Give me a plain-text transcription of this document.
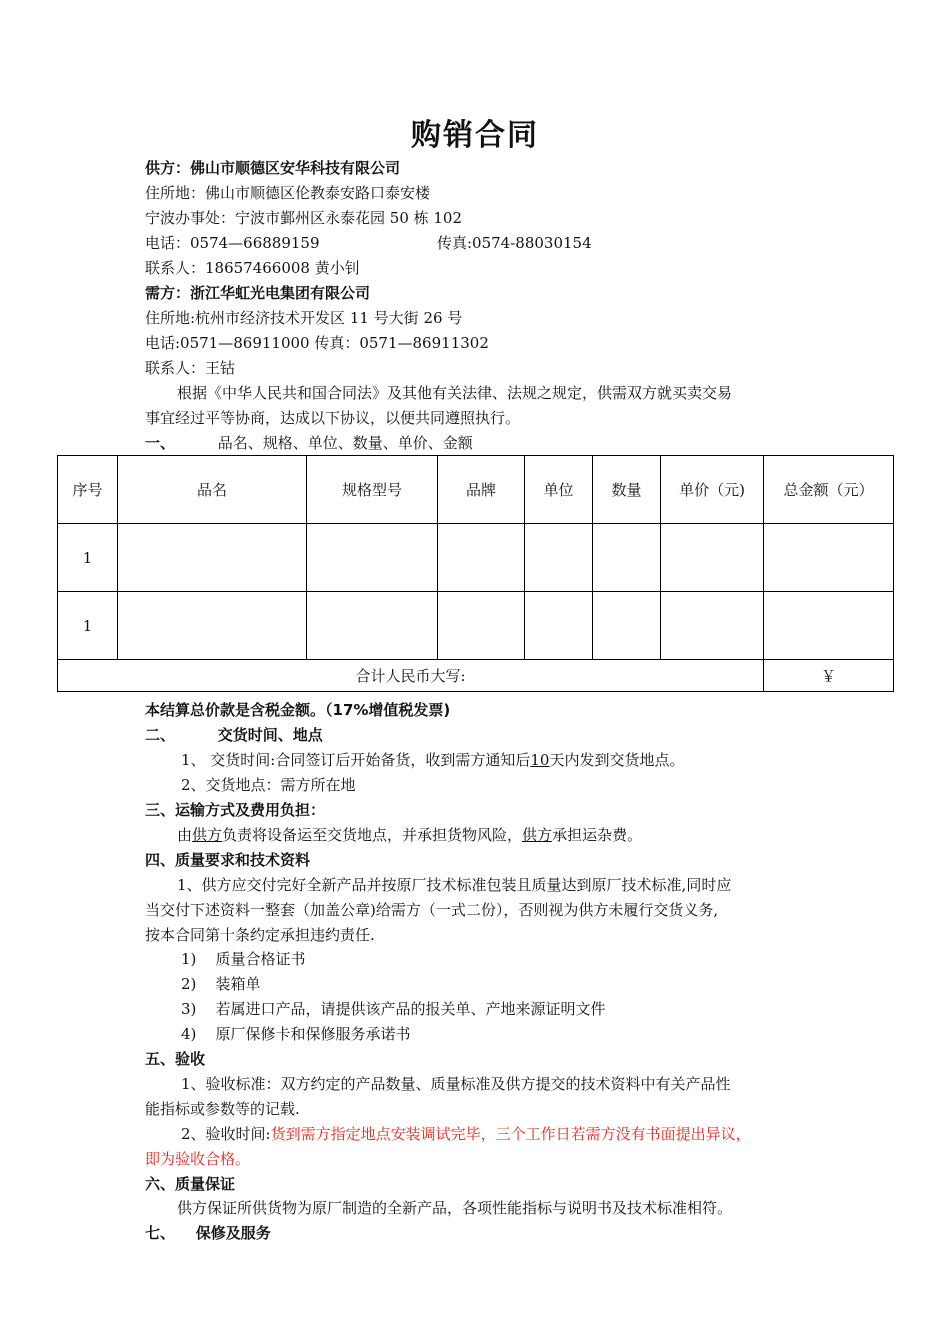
购销合同
供方：佛山市顺德区安华科技有限公司
住所地：佛山市顺德区伦教泰安路口泰安楼
宁波办事处：宁波市鄞州区永泰花园 50 栋 102
电话：0574—66889159	传真:0574-88030154
联系人：18657466008 黄小钊
需方：浙江华虹光电集团有限公司
住所地:杭州市经济技术开发区 11 号大街 26 号
电话:0571—86911000 传真：0571—86911302
联系人：王钴
根据《中华人民共和国合同法》及其他有关法律、法规之规定，供需双方就买卖交易
事宜经过平等协商，达成以下协议，以便共同遵照执行。
一、	品名、规格、单位、数量、单价、金额
序号	品名	规格型号	品牌	单位	数量	单价（元)	总金额（元）
1							
1							
合计人民币大写:							￥
本结算总价款是含税金额。（17%增值税发票)
二、	交货时间、地点
1、 交货时间:合同签订后开始备货，收到需方通知后10天内发到交货地点。
2、交货地点：需方所在地
三、运输方式及费用负担：
由供方负责将设备运至交货地点，并承担货物风险，供方承担运杂费。
四、质量要求和技术资料
1、供方应交付完好全新产品并按原厂技术标准包装且质量达到原厂技术标准,同时应
当交付下述资料一整套（加盖公章)给需方（一式二份），否则视为供方未履行交货义务,
按本合同第十条约定承担违约责任.
1)    质量合格证书
2)    装箱单
3)    若属进口产品，请提供该产品的报关单、产地来源证明文件
4)    原厂保修卡和保修服务承诺书
五、验收
1、验收标准：双方约定的产品数量、质量标准及供方提交的技术资料中有关产品性
能指标或参数等的记载.
2、验收时间:货到需方指定地点安装调试完毕，三个工作日若需方没有书面提出异议，
即为验收合格。
六、质量保证
供方保证所供货物为原厂制造的全新产品，各项性能指标与说明书及技术标准相符。
七、 保修及服务
